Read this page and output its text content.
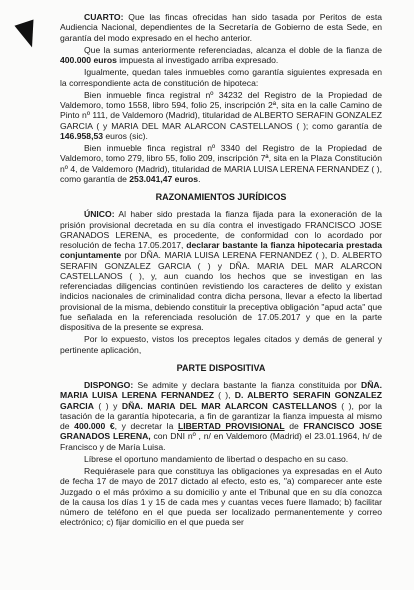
CUARTO: Que las fincas ofrecidas han sido tasada por Peritos de esta Audiencia Nacional, dependientes de la Secretaría de Gobierno de esta Sede, en garantía del modo expresado en el hecho anterior.

Que la sumas anteriormente referenciadas, alcanza el doble de la fianza de 400.000 euros impuesta al investigado arriba expresado.

Igualmente, quedan tales inmuebles como garantía siguientes expresada en la correspondiente acta de constitución de hipoteca:

Bien inmueble finca registral nº 34232 del Registro de la Propiedad de Valdemoro, tomo 1558, libro 594, folio 25, inscripción 2ª, sita en la calle Camino de Pinto nº 111, de Valdemoro (Madrid), titularidad de ALBERTO SERAFIN GONZALEZ GARCIA ( y MARIA DEL MAR ALARCON CASTELLANOS ( ); como garantía de 146.958,53 euros (sic).

Bien inmueble finca registral nº 3340 del Registro de la Propiedad de Valdemoro, tomo 279, libro 55, folio 209, inscripción 7ª, sita en la Plaza Constitución nº 4, de Valdemoro (Madrid), titularidad de MARIA LUISA LERENA FERNANDEZ ( ), como garantía de 253.041,47 euros.

RAZONAMIENTOS JURÍDICOS

ÚNICO: Al haber sido prestada la fianza fijada para la exoneración de la prisión provisional decretada en su día contra el investigado FRANCISCO JOSE GRANADOS LERENA, es procedente, de conformidad con lo acordado por resolución de fecha 17.05.2017, declarar bastante la fianza hipotecaria prestada conjuntamente por DÑA. MARIA LUISA LERENA FERNANDEZ ( ), D. ALBERTO SERAFIN GONZALEZ GARCIA ( ) y DÑA. MARIA DEL MAR ALARCON CASTELLANOS ( ), y, aun cuando los hechos que se investigan en las referenciadas diligencias continúen revistiendo los caracteres de delito y existan indicios nacionales de criminalidad contra dicha persona, llevar a efecto la libertad provisional de la misma, debiendo constituir la preceptiva obligación "apud acta" que fue señalada en la referenciada resolución de 17.05.2017 y que en la parte dispositiva de la presente se expresa.

Por lo expuesto, vistos los preceptos legales citados y demás de general y pertinente aplicación,

PARTE DISPOSITIVA

DISPONGO: Se admite y declara bastante la fianza constituida por DÑA. MARIA LUISA LERENA FERNANDEZ ( ), D. ALBERTO SERAFIN GONZALEZ GARCIA ( ) y DÑA. MARIA DEL MAR ALARCON CASTELLANOS ( ), por la tasación de la garantía hipotecaria, a fin de garantizar la fianza impuesta al mismo de 400.000 €, y decretar la LIBERTAD PROVISIONAL de FRANCISCO JOSE GRANADOS LERENA, con DNI nº , n/ en Valdemoro (Madrid) el 23.01.1964, h/ de Francisco y de María Luisa.

Líbrese el oportuno mandamiento de libertad o despacho en su caso.

Requiérasele para que constituya las obligaciones ya expresadas en el Auto de fecha 17 de mayo de 2017 dictado al efecto, esto es, "a) comparecer ante este Juzgado o el más próximo a su domicilio y ante el Tribunal que en su día conozca de la causa los días 1 y 15 de cada mes y cuantas veces fuere llamado; b) facilitar número de teléfono en el que pueda ser localizado permanentemente y correo electrónico; c) fijar domicilio en el que pueda ser
